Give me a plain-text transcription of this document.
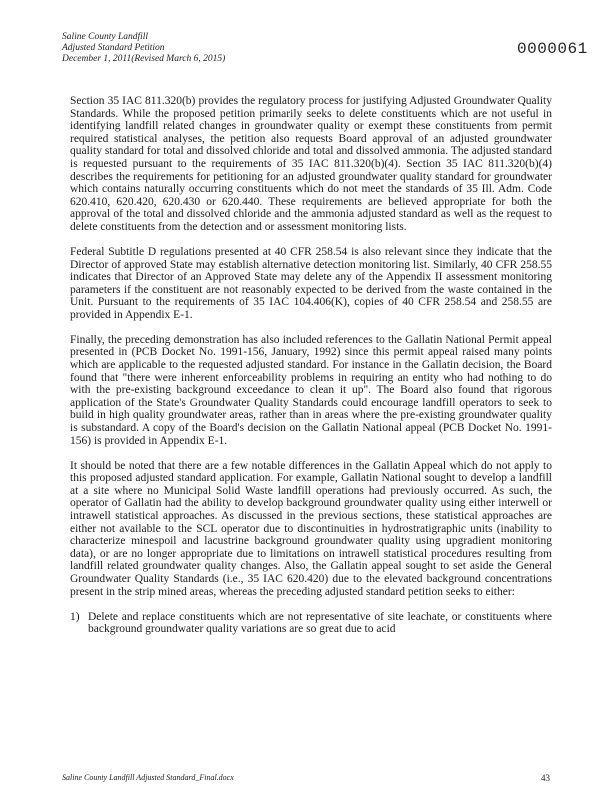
Saline County Landfill
Adjusted Standard Petition
December 1, 2011(Revised March 6, 2015)
0000061

Section 35 IAC 811.320(b) provides the regulatory process for justifying Adjusted Groundwater Quality Standards. While the proposed petition primarily seeks to delete constituents which are not useful in identifying landfill related changes in groundwater quality or exempt these constituents from permit required statistical analyses, the petition also requests Board approval of an adjusted groundwater quality standard for total and dissolved chloride and total and dissolved ammonia. The adjusted standard is requested pursuant to the requirements of 35 IAC 811.320(b)(4). Section 35 IAC 811.320(b)(4) describes the requirements for petitioning for an adjusted groundwater quality standard for groundwater which contains naturally occurring constituents which do not meet the standards of 35 Ill. Adm. Code 620.410, 620.420, 620.430 or 620.440. These requirements are believed appropriate for both the approval of the total and dissolved chloride and the ammonia adjusted standard as well as the request to delete constituents from the detection and or assessment monitoring lists.

Federal Subtitle D regulations presented at 40 CFR 258.54 is also relevant since they indicate that the Director of approved State may establish alternative detection monitoring list. Similarly, 40 CFR 258.55 indicates that Director of an Approved State may delete any of the Appendix II assessment monitoring parameters if the constituent are not reasonably expected to be derived from the waste contained in the Unit. Pursuant to the requirements of 35 IAC 104.406(K), copies of 40 CFR 258.54 and 258.55 are provided in Appendix E-1.

Finally, the preceding demonstration has also included references to the Gallatin National Permit appeal presented in (PCB Docket No. 1991-156, January, 1992) since this permit appeal raised many points which are applicable to the requested adjusted standard. For instance in the Gallatin decision, the Board found that "there were inherent enforceability problems in requiring an entity who had nothing to do with the pre-existing background exceedance to clean it up". The Board also found that rigorous application of the State's Groundwater Quality Standards could encourage landfill operators to seek to build in high quality groundwater areas, rather than in areas where the pre-existing groundwater quality is substandard. A copy of the Board's decision on the Gallatin National appeal (PCB Docket No. 1991-156) is provided in Appendix E-1.

It should be noted that there are a few notable differences in the Gallatin Appeal which do not apply to this proposed adjusted standard application. For example, Gallatin National sought to develop a landfill at a site where no Municipal Solid Waste landfill operations had previously occurred. As such, the operator of Gallatin had the ability to develop background groundwater quality using either interwell or intrawell statistical approaches. As discussed in the previous sections, these statistical approaches are either not available to the SCL operator due to discontinuities in hydrostratigraphic units (inability to characterize minespoil and lacustrine background groundwater quality using upgradient monitoring data), or are no longer appropriate due to limitations on intrawell statistical procedures resulting from landfill related groundwater quality changes. Also, the Gallatin appeal sought to set aside the General Groundwater Quality Standards (i.e., 35 IAC 620.420) due to the elevated background concentrations present in the strip mined areas, whereas the preceding adjusted standard petition seeks to either:

1) Delete and replace constituents which are not representative of site leachate, or constituents where background groundwater quality variations are so great due to acid
Saline County Landfill Adjusted Standard_Final.docx	43
